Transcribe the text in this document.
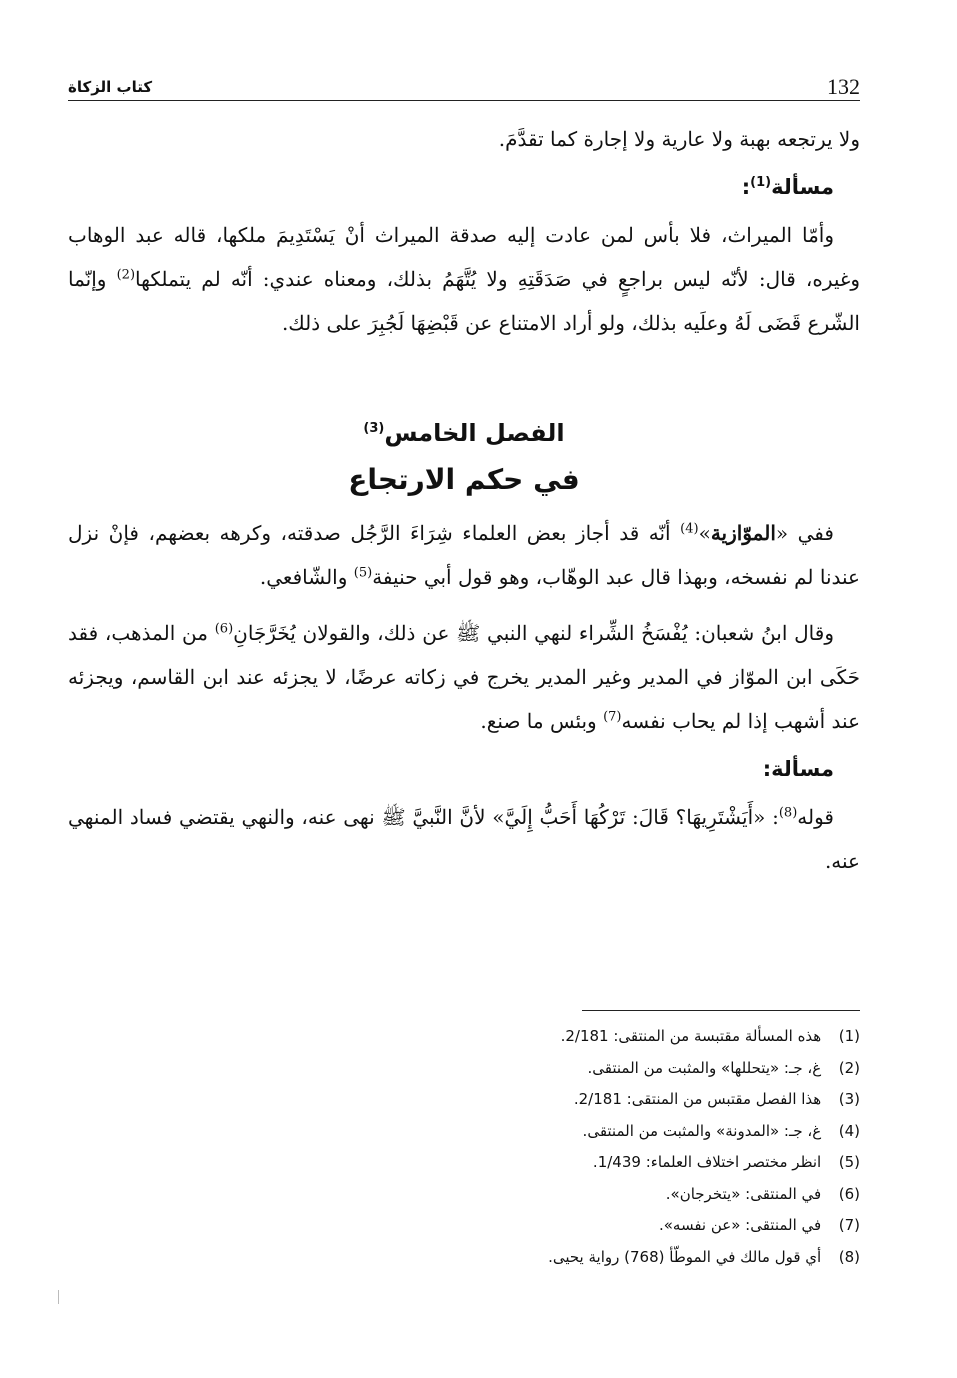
132
كتاب الزكاة

ولا يرتجعه بهبة ولا عارية ولا إجارة كما تقدَّمَ.

مسألة$^{(1)}$:

وأمّا الميراث، فلا بأس لمن عادت إليه صدقة الميراث أنْ يَسْتَدِيمَ ملكها، قاله عبد الوهاب وغيره، قال: لأنّه ليس براجعٍ في صَدَقَتِهِ ولا يُتَّهَمُ بذلك، ومعناه عندي: أنّه لم يتملكها$^{(2)}$ وإنّما الشّرع قَضَى لَهُ وعلَيه بذلك، ولو أراد الامتناع عن قَبْضِهَا لَجُبِرَ على ذلك.

الفصل الخامس$^{(3)}$
في حكم الارتجاع

ففي «الموّازية»$^{(4)}$ أنّه قد أجاز بعض العلماء شِرَاءَ الرَّجُل صدقته، وكرهه بعضهم، فإنْ نزل عندنا لم نفسخه، وبهذا قال عبد الوهّاب، وهو قول أبي حنيفة$^{(5)}$ والشّافعي.

وقال ابنُ شعبان: يُفْسَخُ الشِّراء لنهي النبي ﷺ عن ذلك، والقولان يُخَرَّجَانِ$^{(6)}$ من المذهب، فقد حَكَى ابن الموّاز في المدير وغير المدير يخرج في زكاته عرضًا، لا يجزئه عند ابن القاسم، ويجزئه عند أشهب إذا لم يحاب نفسه$^{(7)}$ وبئس ما صنع.

مسألة:

قوله$^{(8)}$: «أَيَشْتَرِيهَا؟ قَالَ: تَرْكُهَا أَحَبُّ إِلَيَّ» لأنَّ النَّبيَّ ﷺ نهى عنه، والنهي يقتضي فساد المنهي عنه.

(1) هذه المسألة مقتبسة من المنتقى: 2/181.
(2) غ، جـ: «يتحللها» والمثبت من المنتقى.
(3) هذا الفصل مقتبس من المنتقى: 2/181.
(4) غ، جـ: «المدونة» والمثبت من المنتقى.
(5) انظر مختصر اختلاف العلماء: 1/439.
(6) في المنتقى: «يتخرجان».
(7) في المنتقى: «عن نفسه».
(8) أي قول مالك في الموطّأ (768) رواية يحيى.
